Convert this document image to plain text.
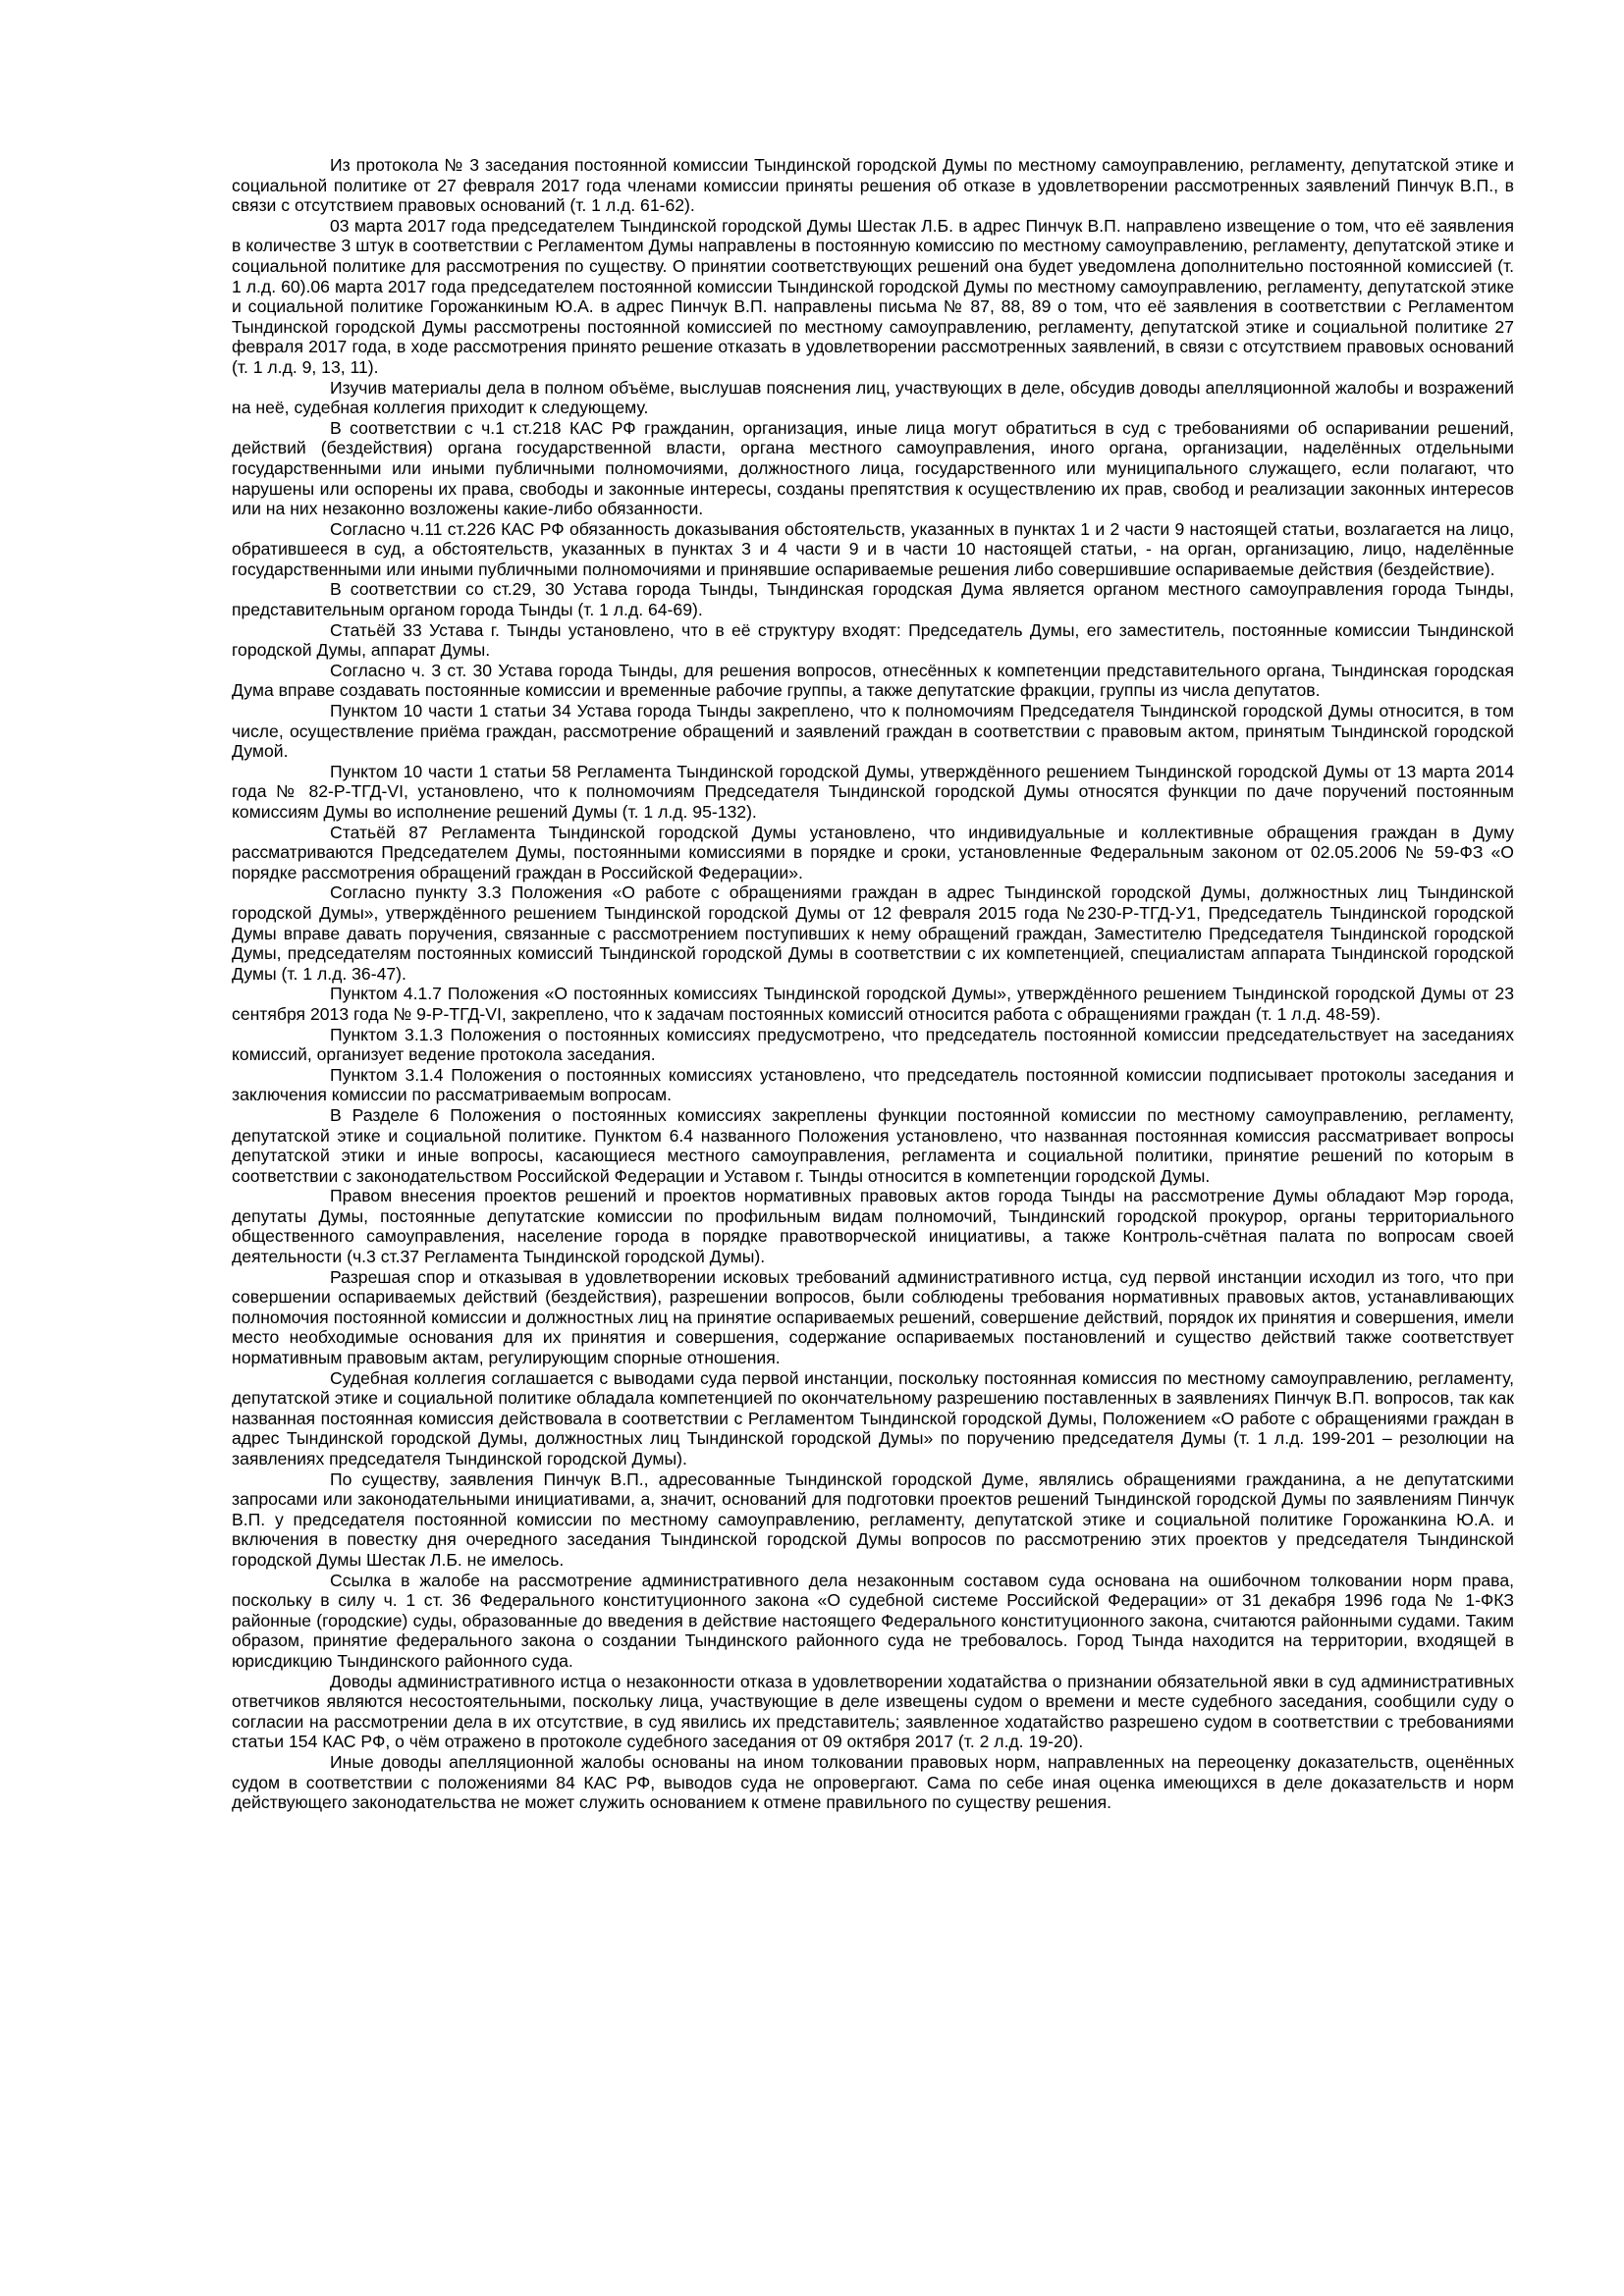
Из протокола № 3 заседания постоянной комиссии Тындинской городской Думы по местному самоуправлению, регламенту, депутатской этике и социальной политике от 27 февраля 2017 года членами комиссии приняты решения об отказе в удовлетворении рассмотренных заявлений Пинчук В.П., в связи с отсутствием правовых оснований (т. 1 л.д. 61-62).

03 марта 2017 года председателем Тындинской городской Думы Шестак Л.Б. в адрес Пинчук В.П. направлено извещение о том, что её заявления в количестве 3 штук в соответствии с Регламентом Думы направлены в постоянную комиссию по местному самоуправлению, регламенту, депутатской этике и социальной политике для рассмотрения по существу. О принятии соответствующих решений она будет уведомлена дополнительно постоянной комиссией (т. 1 л.д. 60).06 марта 2017 года председателем постоянной комиссии Тындинской городской Думы по местному самоуправлению, регламенту, депутатской этике и социальной политике Горожанкиным Ю.А. в адрес Пинчук В.П. направлены письма № 87, 88, 89 о том, что её заявления в соответствии с Регламентом Тындинской городской Думы рассмотрены постоянной комиссией по местному самоуправлению, регламенту, депутатской этике и социальной политике 27 февраля 2017 года, в ходе рассмотрения принято решение отказать в удовлетворении рассмотренных заявлений, в связи с отсутствием правовых оснований (т. 1 л.д. 9, 13, 11).

Изучив материалы дела в полном объёме, выслушав пояснения лиц, участвующих в деле, обсудив доводы апелляционной жалобы и возражений на неё, судебная коллегия приходит к следующему.

В соответствии с ч.1 ст.218 КАС РФ гражданин, организация, иные лица могут обратиться в суд с требованиями об оспаривании решений, действий (бездействия) органа государственной власти, органа местного самоуправления, иного органа, организации, наделённых отдельными государственными или иными публичными полномочиями, должностного лица, государственного или муниципального служащего, если полагают, что нарушены или оспорены их права, свободы и законные интересы, созданы препятствия к осуществлению их прав, свобод и реализации законных интересов или на них незаконно возложены какие-либо обязанности.

Согласно ч.11 ст.226 КАС РФ обязанность доказывания обстоятельств, указанных в пунктах 1 и 2 части 9 настоящей статьи, возлагается на лицо, обратившееся в суд, а обстоятельств, указанных в пунктах 3 и 4 части 9 и в части 10 настоящей статьи, - на орган, организацию, лицо, наделённые государственными или иными публичными полномочиями и принявшие оспариваемые решения либо совершившие оспариваемые действия (бездействие).

В соответствии со ст.29, 30 Устава города Тынды, Тындинская городская Дума является органом местного самоуправления города Тынды, представительным органом города Тынды (т. 1 л.д. 64-69).

Статьёй 33 Устава г. Тынды установлено, что в её структуру входят: Председатель Думы, его заместитель, постоянные комиссии Тындинской городской Думы, аппарат Думы.

Согласно ч. 3 ст. 30 Устава города Тынды, для решения вопросов, отнесённых к компетенции представительного органа, Тындинская городская Дума вправе создавать постоянные комиссии и временные рабочие группы, а также депутатские фракции, группы из числа депутатов.

Пунктом 10 части 1 статьи 34 Устава города Тынды закреплено, что к полномочиям Председателя Тындинской городской Думы относится, в том числе, осуществление приёма граждан, рассмотрение обращений и заявлений граждан в соответствии с правовым актом, принятым Тындинской городской Думой.

Пунктом 10 части 1 статьи 58 Регламента Тындинской городской Думы, утверждённого решением Тындинской городской Думы от 13 марта 2014 года № 82-Р-ТГД-VI, установлено, что к полномочиям Председателя Тындинской городской Думы относятся функции по даче поручений постоянным комиссиям Думы во исполнение решений Думы (т. 1 л.д. 95-132).

Статьёй 87 Регламента Тындинской городской Думы установлено, что индивидуальные и коллективные обращения граждан в Думу рассматриваются Председателем Думы, постоянными комиссиями в порядке и сроки, установленные Федеральным законом от 02.05.2006 № 59-ФЗ «О порядке рассмотрения обращений граждан в Российской Федерации».

Согласно пункту 3.3 Положения «О работе с обращениями граждан в адрес Тындинской городской Думы, должностных лиц Тындинской городской Думы», утверждённого решением Тындинской городской Думы от 12 февраля 2015 года №230-Р-ТГД-У1, Председатель Тындинской городской Думы вправе давать поручения, связанные с рассмотрением поступивших к нему обращений граждан, Заместителю Председателя Тындинской городской Думы, председателям постоянных комиссий Тындинской городской Думы в соответствии с их компетенцией, специалистам аппарата Тындинской городской Думы (т. 1 л.д. 36-47).

Пунктом 4.1.7 Положения «О постоянных комиссиях Тындинской городской Думы», утверждённого решением Тындинской городской Думы от 23 сентября 2013 года № 9-Р-ТГД-VI, закреплено, что к задачам постоянных комиссий относится работа с обращениями граждан (т. 1 л.д. 48-59).

Пунктом 3.1.3 Положения о постоянных комиссиях предусмотрено, что председатель постоянной комиссии председательствует на заседаниях комиссий, организует ведение протокола заседания.

Пунктом 3.1.4 Положения о постоянных комиссиях установлено, что председатель постоянной комиссии подписывает протоколы заседания и заключения комиссии по рассматриваемым вопросам.

В Разделе 6 Положения о постоянных комиссиях закреплены функции постоянной комиссии по местному самоуправлению, регламенту, депутатской этике и социальной политике. Пунктом 6.4 названного Положения установлено, что названная постоянная комиссия рассматривает вопросы депутатской этики и иные вопросы, касающиеся местного самоуправления, регламента и социальной политики, принятие решений по которым в соответствии с законодательством Российской Федерации и Уставом г. Тынды относится в компетенции городской Думы.

Правом внесения проектов решений и проектов нормативных правовых актов города Тынды на рассмотрение Думы обладают Мэр города, депутаты Думы, постоянные депутатские комиссии по профильным видам полномочий, Тындинский городской прокурор, органы территориального общественного самоуправления, население города в порядке правотворческой инициативы, а также Контроль-счётная палата по вопросам своей деятельности (ч.3 ст.37 Регламента Тындинской городской Думы).

Разрешая спор и отказывая в удовлетворении исковых требований административного истца, суд первой инстанции исходил из того, что при совершении оспариваемых действий (бездействия), разрешении вопросов, были соблюдены требования нормативных правовых актов, устанавливающих полномочия постоянной комиссии и должностных лиц на принятие оспариваемых решений, совершение действий, порядок их принятия и совершения, имели место необходимые основания для их принятия и совершения, содержание оспариваемых постановлений и существо действий также соответствует нормативным правовым актам, регулирующим спорные отношения.

Судебная коллегия соглашается с выводами суда первой инстанции, поскольку постоянная комиссия по местному самоуправлению, регламенту, депутатской этике и социальной политике обладала компетенцией по окончательному разрешению поставленных в заявлениях Пинчук В.П. вопросов, так как названная постоянная комиссия действовала в соответствии с Регламентом Тындинской городской Думы, Положением «О работе с обращениями граждан в адрес Тындинской городской Думы, должностных лиц Тындинской городской Думы» по поручению председателя Думы (т. 1 л.д. 199-201 – резолюции на заявлениях председателя Тындинской городской Думы).

По существу, заявления Пинчук В.П., адресованные Тындинской городской Думе, являлись обращениями гражданина, а не депутатскими запросами или законодательными инициативами, а, значит, оснований для подготовки проектов решений Тындинской городской Думы по заявлениям Пинчук В.П. у председателя постоянной комиссии по местному самоуправлению, регламенту, депутатской этике и социальной политике Горожанкина Ю.А. и включения в повестку дня очередного заседания Тындинской городской Думы вопросов по рассмотрению этих проектов у председателя Тындинской городской Думы Шестак Л.Б. не имелось.

Ссылка в жалобе на рассмотрение административного дела незаконным составом суда основана на ошибочном толковании норм права, поскольку в силу ч. 1 ст. 36 Федерального конституционного закона «О судебной системе Российской Федерации» от 31 декабря 1996 года № 1-ФКЗ районные (городские) суды, образованные до введения в действие настоящего Федерального конституционного закона, считаются районными судами. Таким образом, принятие федерального закона о создании Тындинского районного суда не требовалось. Город Тында находится на территории, входящей в юрисдикцию Тындинского районного суда.

Доводы административного истца о незаконности отказа в удовлетворении ходатайства о признании обязательной явки в суд административных ответчиков являются несостоятельными, поскольку лица, участвующие в деле извещены судом о времени и месте судебного заседания, сообщили суду о согласии на рассмотрении дела в их отсутствие, в суд явились их представитель; заявленное ходатайство разрешено судом в соответствии с требованиями статьи 154 КАС РФ, о чём отражено в протоколе судебного заседания от 09 октября 2017 (т. 2 л.д. 19-20).

Иные доводы апелляционной жалобы основаны на ином толковании правовых норм, направленных на переоценку доказательств, оценённых судом в соответствии с положениями 84 КАС РФ, выводов суда не опровергают. Сама по себе иная оценка имеющихся в деле доказательств и норм действующего законодательства не может служить основанием к отмене правильного по существу решения.
